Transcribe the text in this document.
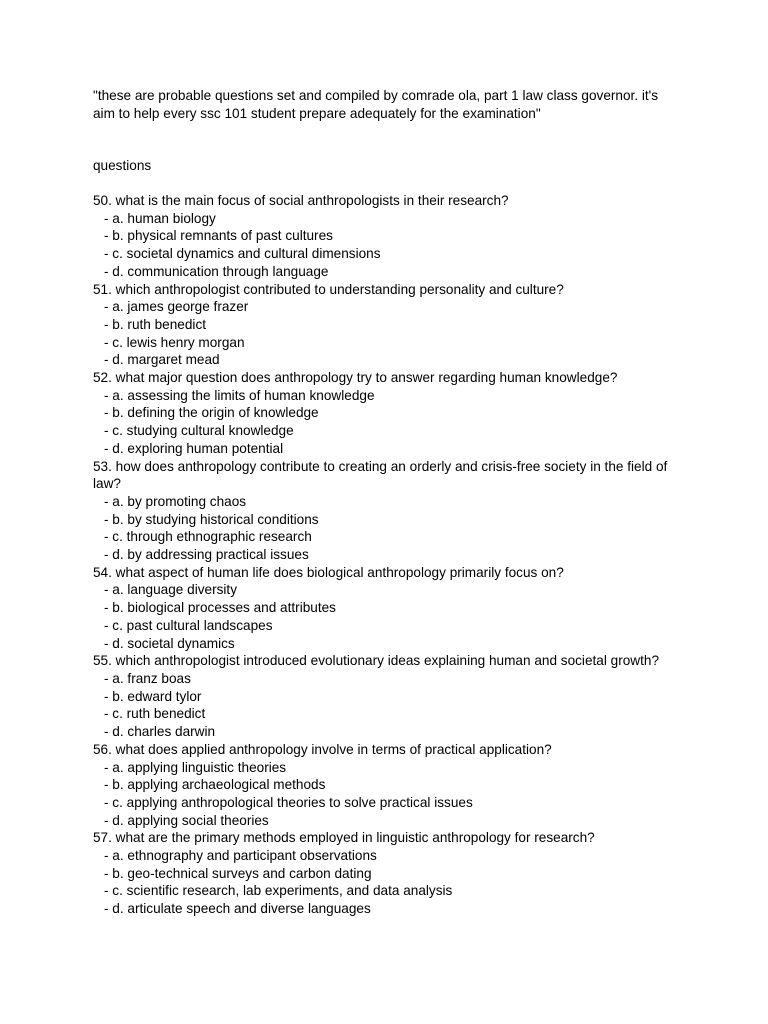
"these are probable questions set and compiled by comrade ola, part 1 law class governor. it's aim to help every ssc 101 student prepare adequately for the examination"
questions
50. what is the main focus of social anthropologists in their research?
- a. human biology
- b. physical remnants of past cultures
- c. societal dynamics and cultural dimensions
- d. communication through language
51. which anthropologist contributed to understanding personality and culture?
- a. james george frazer
- b. ruth benedict
- c. lewis henry morgan
- d. margaret mead
52. what major question does anthropology try to answer regarding human knowledge?
- a. assessing the limits of human knowledge
- b. defining the origin of knowledge
- c. studying cultural knowledge
- d. exploring human potential
53. how does anthropology contribute to creating an orderly and crisis-free society in the field of law?
- a. by promoting chaos
- b. by studying historical conditions
- c. through ethnographic research
- d. by addressing practical issues
54. what aspect of human life does biological anthropology primarily focus on?
- a. language diversity
- b. biological processes and attributes
- c. past cultural landscapes
- d. societal dynamics
55. which anthropologist introduced evolutionary ideas explaining human and societal growth?
- a. franz boas
- b. edward tylor
- c. ruth benedict
- d. charles darwin
56. what does applied anthropology involve in terms of practical application?
- a. applying linguistic theories
- b. applying archaeological methods
- c. applying anthropological theories to solve practical issues
- d. applying social theories
57. what are the primary methods employed in linguistic anthropology for research?
- a. ethnography and participant observations
- b. geo-technical surveys and carbon dating
- c. scientific research, lab experiments, and data analysis
- d. articulate speech and diverse languages
